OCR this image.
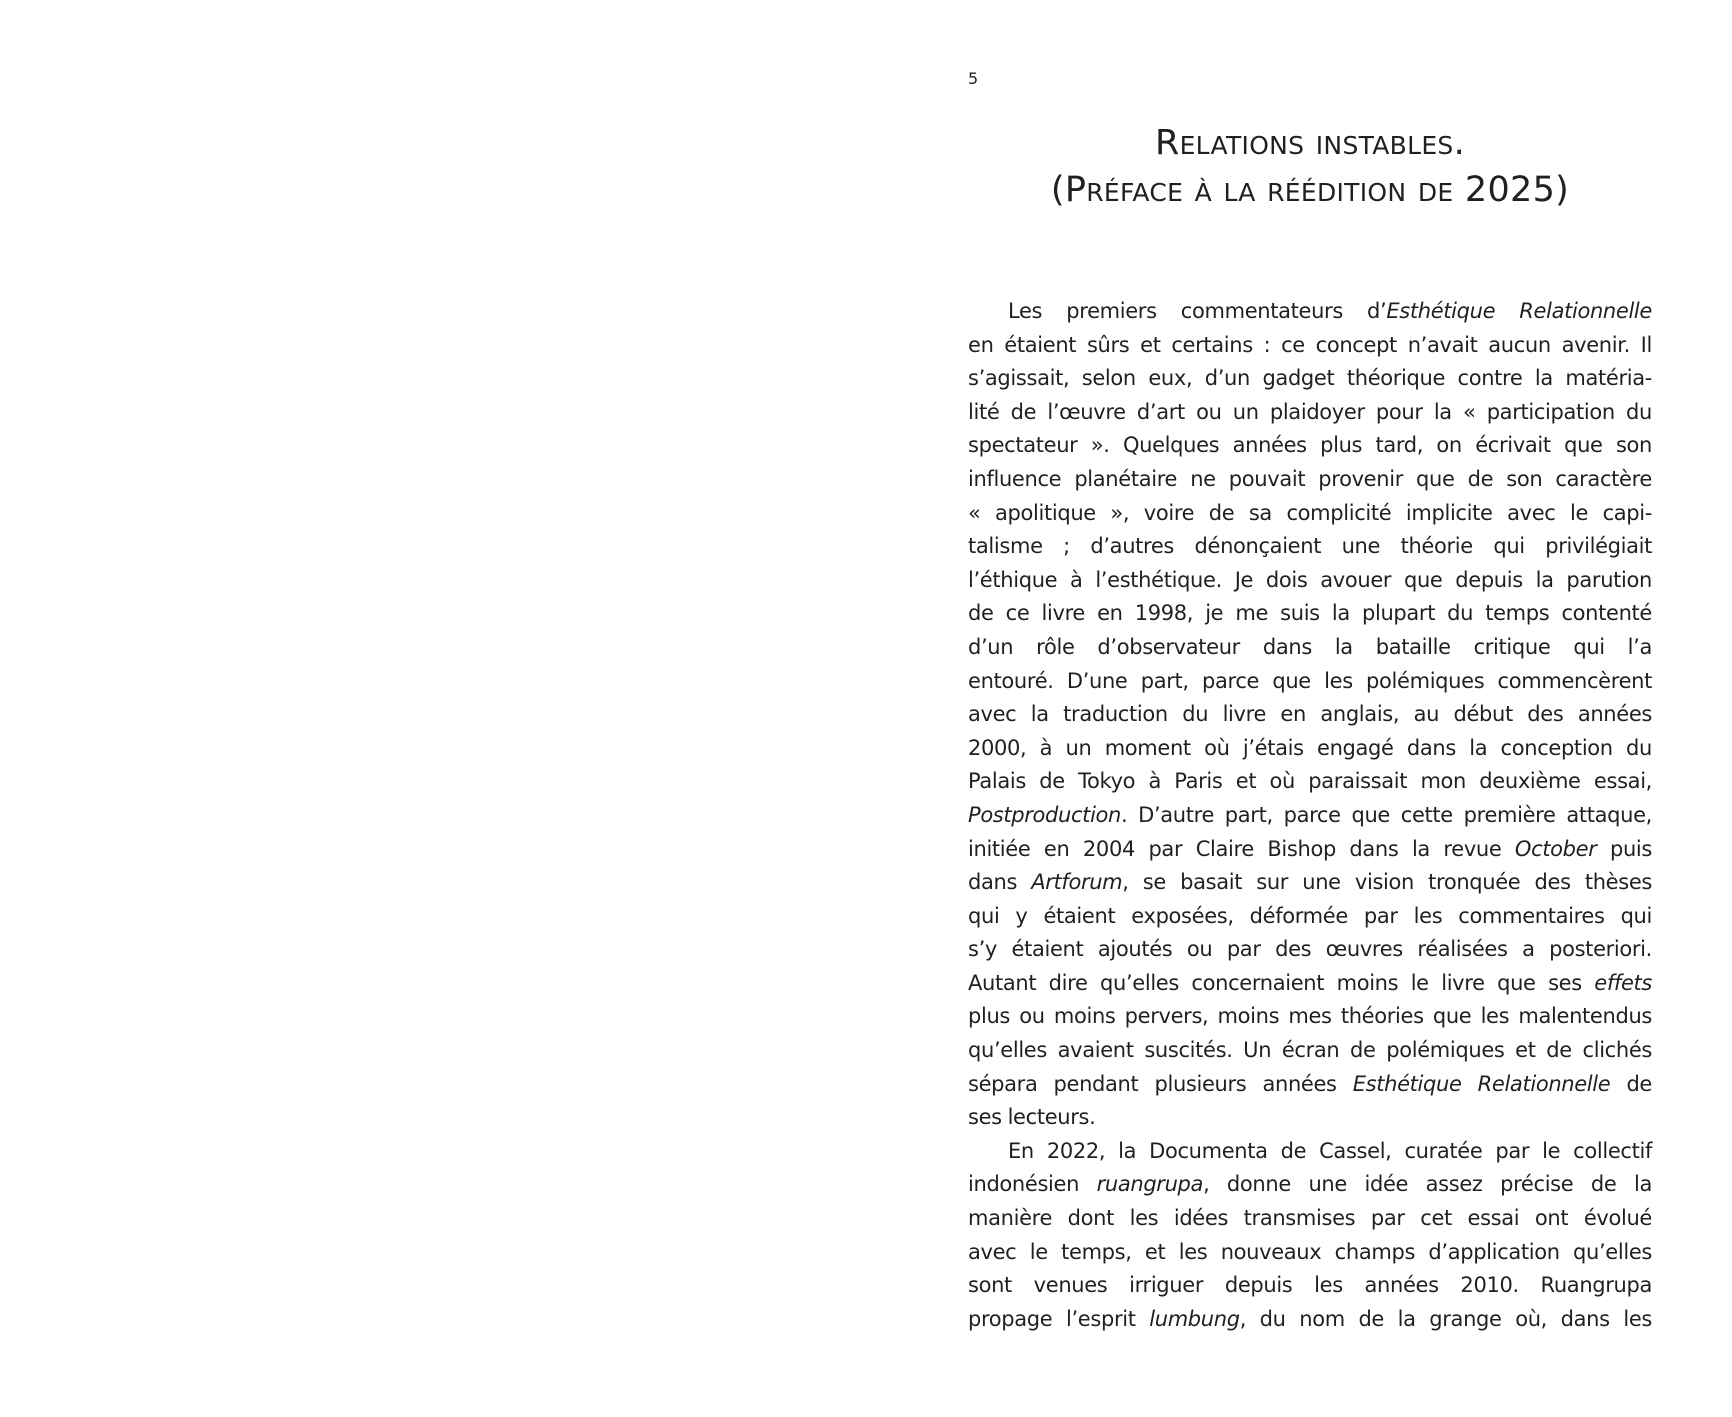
5
Relations instables.
(Préface à la réédition de 2025)
Les premiers commentateurs d’Esthétique Relationnelle
en étaient sûrs et certains : ce concept n’avait aucun avenir. Il
s’agissait, selon eux, d’un gadget théorique contre la matéria-
lité de l’œuvre d’art ou un plaidoyer pour la « participation du
spectateur ». Quelques années plus tard, on écrivait que son
influence planétaire ne pouvait provenir que de son caractère
« apolitique », voire de sa complicité implicite avec le capi-
talisme ; d’autres dénonçaient une théorie qui privilégiait
l’éthique à l’esthétique. Je dois avouer que depuis la parution
de ce livre en 1998, je me suis la plupart du temps contenté
d’un rôle d’observateur dans la bataille critique qui l’a
entouré. D’une part, parce que les polémiques commencèrent
avec la traduction du livre en anglais, au début des années
2000, à un moment où j’étais engagé dans la conception du
Palais de Tokyo à Paris et où paraissait mon deuxième essai,
Postproduction. D’autre part, parce que cette première attaque,
initiée en 2004 par Claire Bishop dans la revue October puis
dans Artforum, se basait sur une vision tronquée des thèses
qui y étaient exposées, déformée par les commentaires qui
s’y étaient ajoutés ou par des œuvres réalisées a posteriori.
Autant dire qu’elles concernaient moins le livre que ses effets
plus ou moins pervers, moins mes théories que les malentendus
qu’elles avaient suscités. Un écran de polémiques et de clichés
sépara pendant plusieurs années Esthétique Relationnelle de
ses lecteurs.
En 2022, la Documenta de Cassel, curatée par le collectif
indonésien ruangrupa, donne une idée assez précise de la
manière dont les idées transmises par cet essai ont évolué
avec le temps, et les nouveaux champs d’application qu’elles
sont venues irriguer depuis les années 2010. Ruangrupa
propage l’esprit lumbung, du nom de la grange où, dans les
